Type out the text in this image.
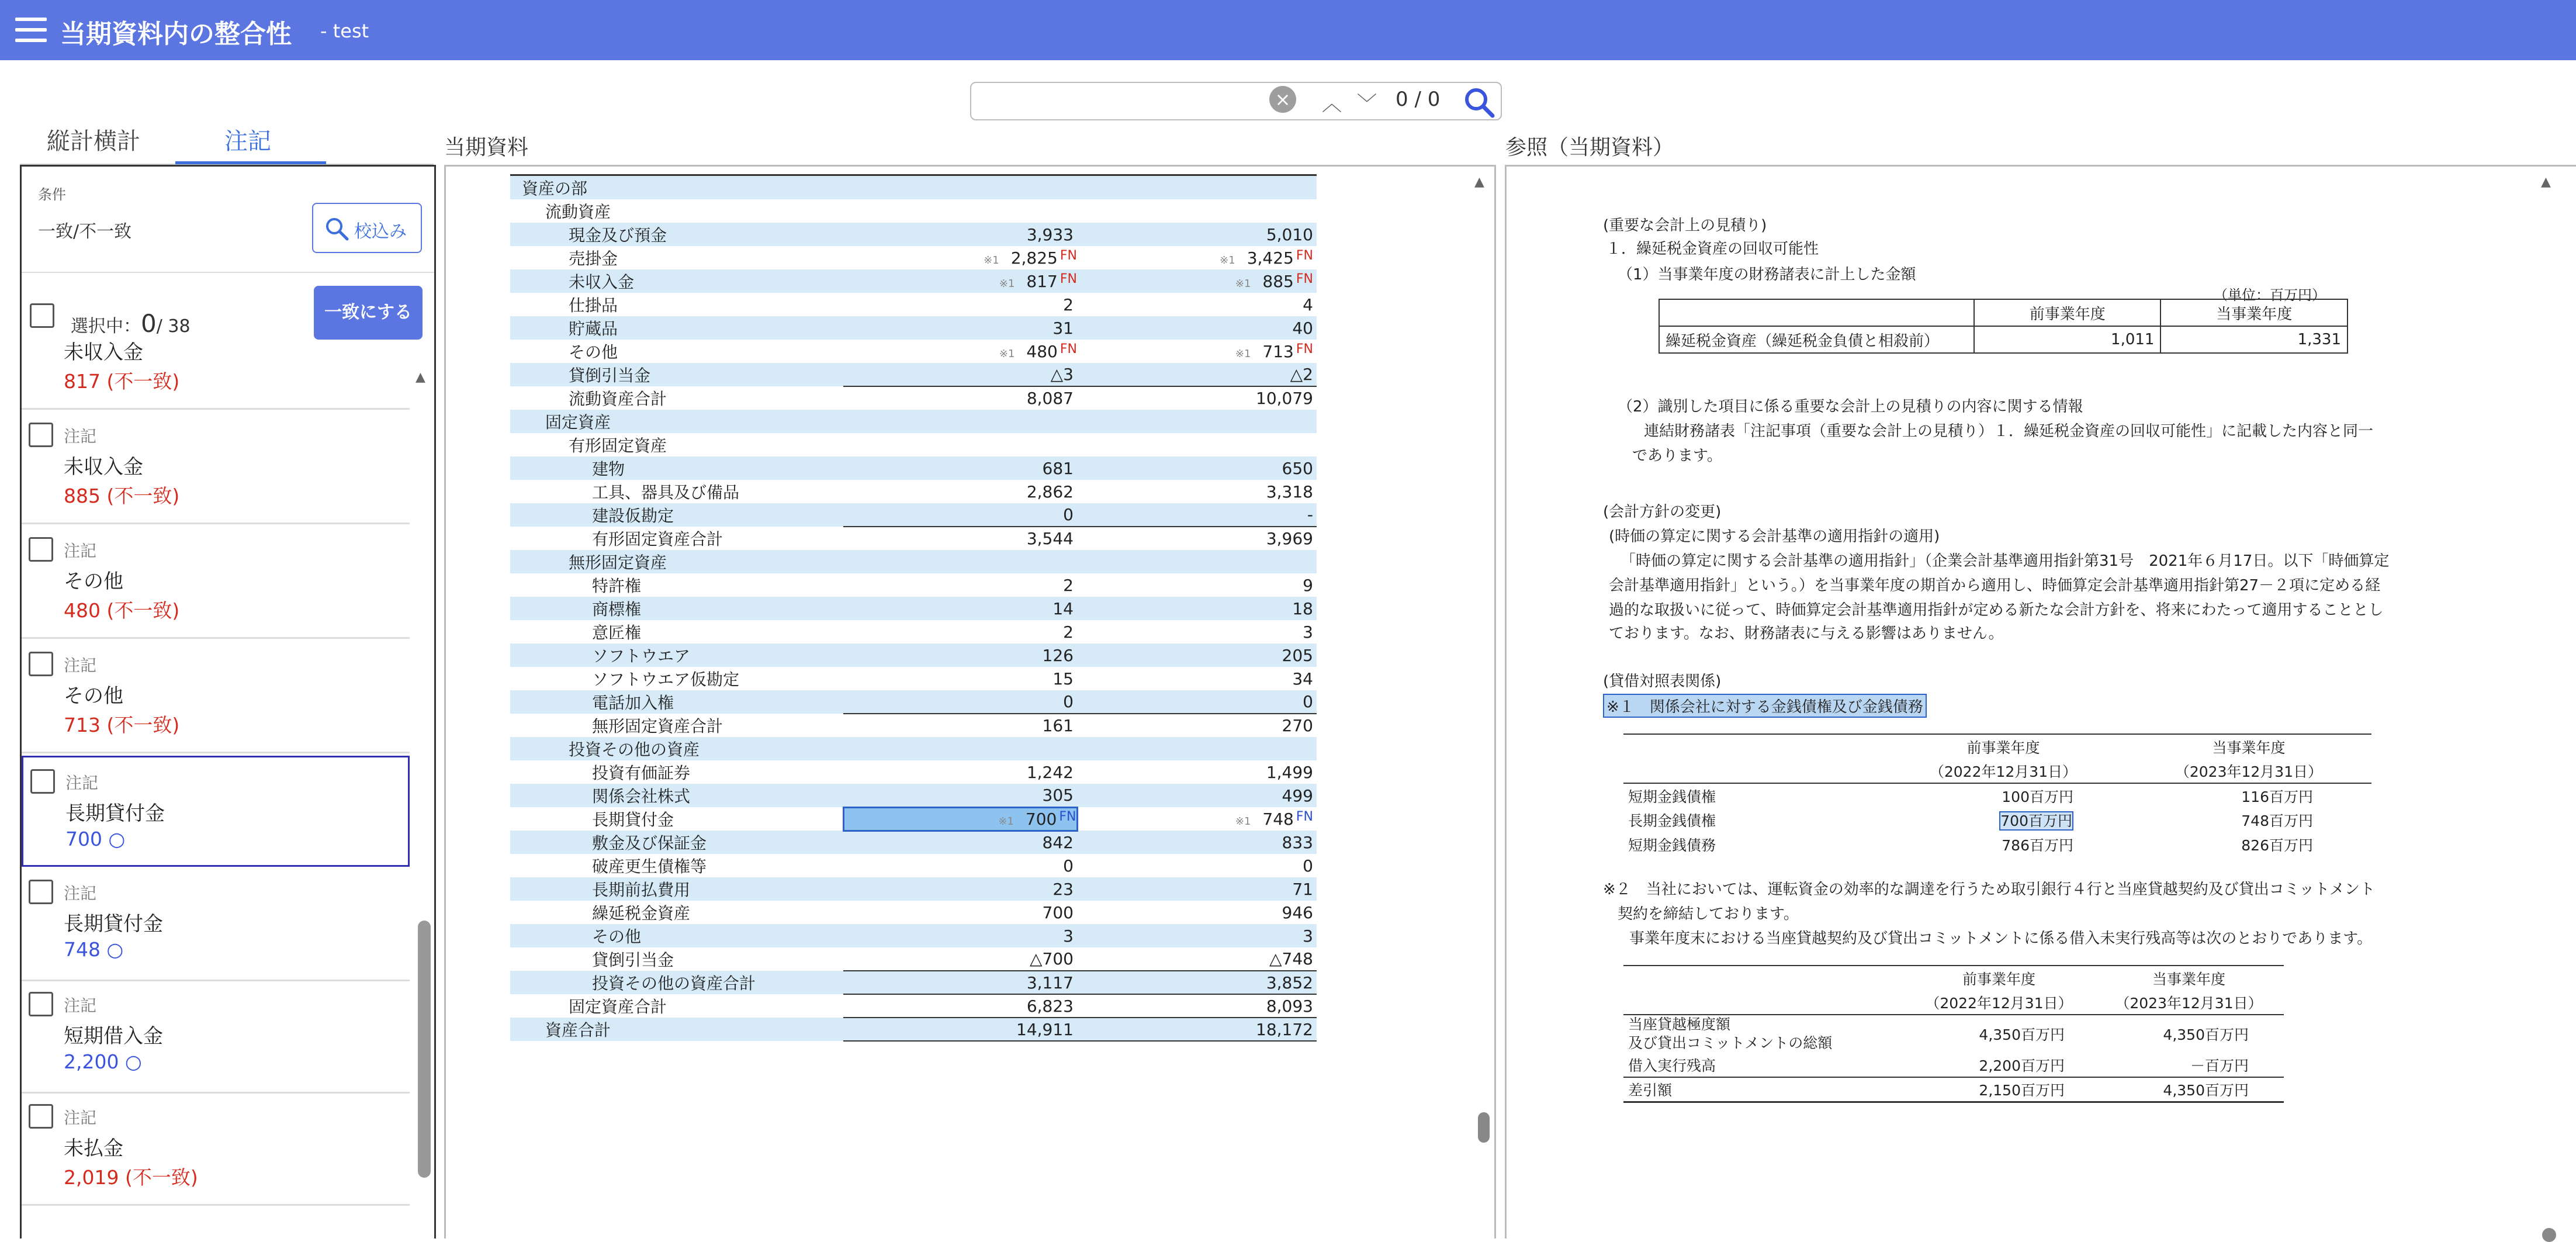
当期資料内の整合性 - test
× ︿ ﹀ 0 / 0
縦計横計	注記
条件
一致/不一致	校込み
選択中：0/ 38
一致にする
未収入金
817 (不一致)
注記
未収入金
885 (不一致)
注記
その他
480 (不一致)
注記
その他
713 (不一致)
注記
長期貸付金
700 ○
注記
長期貸付金
748 ○
注記
短期借入金
2,200 ○
注記
未払金
2,019 (不一致)
▲
当期資料
資産の部		
流動資産		
現金及び預金	3,933	5,010
売掛金	※1 2,825 $^{FN}$	※1 3,425 $^{FN}$
未収入金	※1 817 $^{FN}$	※1 885 $^{FN}$
仕掛品	2	4
貯蔵品	31	40
その他	※1 480 $^{FN}$	※1 713 $^{FN}$
貸倒引当金	△3	△2
流動資産合計	8,087	10,079
固定資産		
有形固定資産		
建物	681	650
工具、器具及び備品	2,862	3,318
建設仮勘定	0	-
有形固定資産合計	3,544	3,969
無形固定資産		
特許権	2	9
商標権	14	18
意匠権	2	3
ソフトウエア	126	205
ソフトウエア仮勘定	15	34
電話加入権	0	0
無形固定資産合計	161	270
投資その他の資産		
投資有価証券	1,242	1,499
関係会社株式	305	499
長期貸付金	※1 700 $^{FN}$	※1 748 $^{FN}$
敷金及び保証金	842	833
破産更生債権等	0	0
長期前払費用	23	71
繰延税金資産	700	946
その他	3	3
貸倒引当金	△700	△748
投資その他の資産合計	3,117	3,852
固定資産合計	6,823	8,093
資産合計	14,911	18,172
▲
参照（当期資料）
(重要な会計上の見積り)
１．繰延税金資産の回収可能性
（1）当事業年度の財務諸表に計上した金額
（単位：百万円）
	前事業年度	当事業年度
繰延税金資産（繰延税金負債と相殺前）	1,011	1,331
（2）識別した項目に係る重要な会計上の見積りの内容に関する情報
連結財務諸表「注記事項（重要な会計上の見積り）１．繰延税金資産の回収可能性」に記載した内容と同一
であります。
(会計方針の変更)
(時価の算定に関する会計基準の適用指針の適用)
「時価の算定に関する会計基準の適用指針」（企業会計基準適用指針第31号　2021年６月17日。以下「時価算定
会計基準適用指針」という。）を当事業年度の期首から適用し、時価算定会計基準適用指針第27－２項に定める経
過的な取扱いに従って、時価算定会計基準適用指針が定める新たな会計方針を、将来にわたって適用することとし
ております。なお、財務諸表に与える影響はありません。
(貸借対照表関係)
※１　関係会社に対する金銭債権及び金銭債務
	前事業年度	当事業年度
	（2022年12月31日）	（2023年12月31日）
短期金銭債権	100百万円	116百万円
長期金銭債権	700百万円	748百万円
短期金銭債務	786百万円	826百万円
※２　当社においては、運転資金の効率的な調達を行うため取引銀行４行と当座貸越契約及び貸出コミットメント
契約を締結しております。
事業年度末における当座貸越契約及び貸出コミットメントに係る借入未実行残高等は次のとおりであります。
	前事業年度	当事業年度
	（2022年12月31日）	（2023年12月31日）
当座貸越極度額
及び貸出コミットメントの総額	4,350百万円	4,350百万円
借入実行残高	2,200百万円	－百万円
差引額	2,150百万円	4,350百万円
▲
